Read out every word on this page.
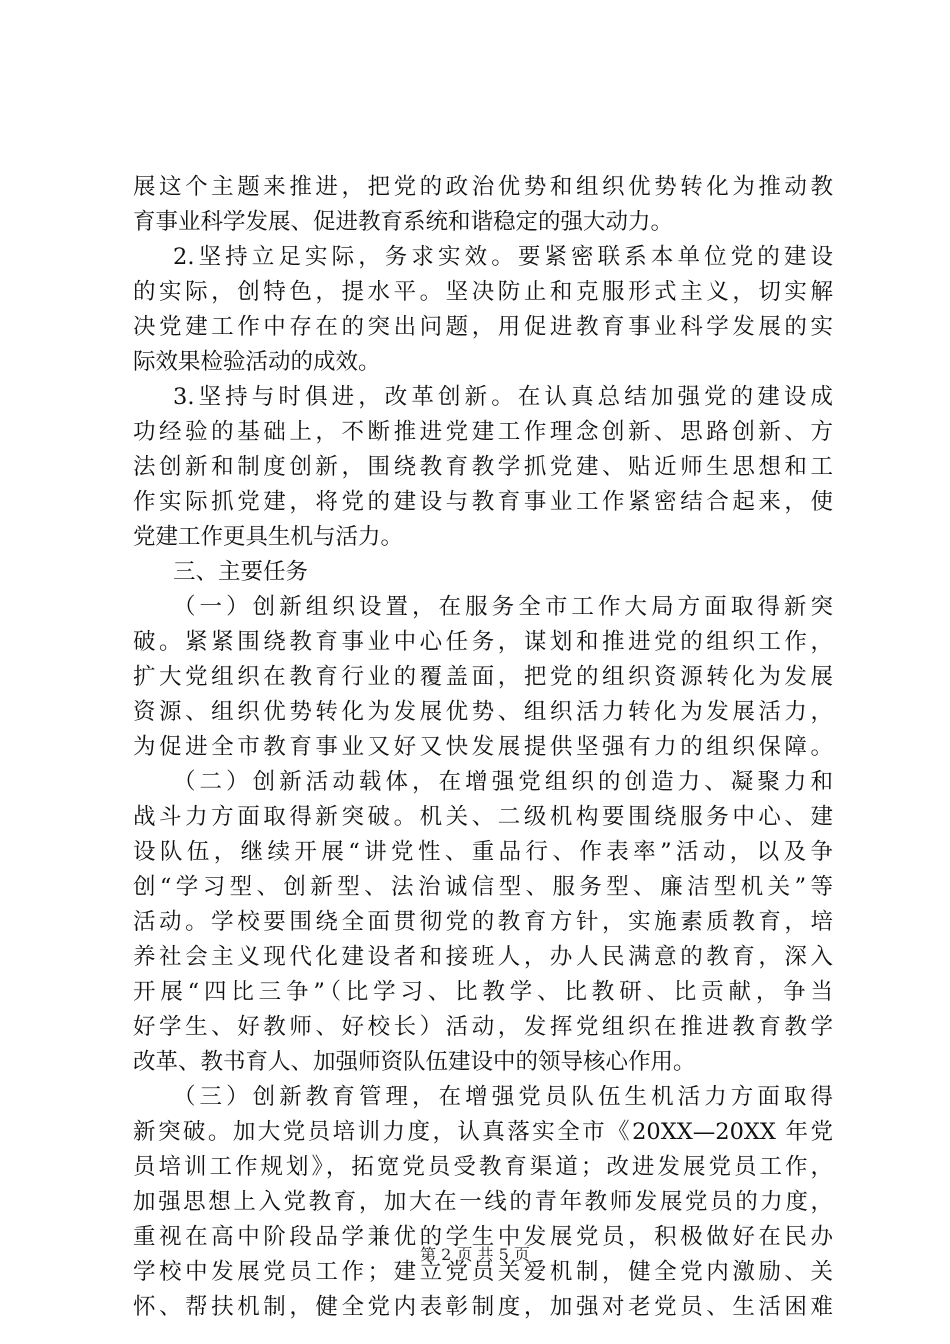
展这个主题来推进，把党的政治优势和组织优势转化为推动教
育事业科学发展、促进教育系统和谐稳定的强大动力。
2.坚持立足实际，务求实效。要紧密联系本单位党的建设
的实际，创特色，提水平。坚决防止和克服形式主义，切实解
决党建工作中存在的突出问题，用促进教育事业科学发展的实
际效果检验活动的成效。
3.坚持与时俱进，改革创新。在认真总结加强党的建设成
功经验的基础上，不断推进党建工作理念创新、思路创新、方
法创新和制度创新，围绕教育教学抓党建、贴近师生思想和工
作实际抓党建，将党的建设与教育事业工作紧密结合起来，使
党建工作更具生机与活力。
三、主要任务
（一）创新组织设置，在服务全市工作大局方面取得新突
破。紧紧围绕教育事业中心任务，谋划和推进党的组织工作，
扩大党组织在教育行业的覆盖面，把党的组织资源转化为发展
资源、组织优势转化为发展优势、组织活力转化为发展活力，
为促进全市教育事业又好又快发展提供坚强有力的组织保障。
（二）创新活动载体，在增强党组织的创造力、凝聚力和
战斗力方面取得新突破。机关、二级机构要围绕服务中心、建
设队伍，继续开展“讲党性、重品行、作表率”活动，以及争
创“学习型、创新型、法治诚信型、服务型、廉洁型机关”等
活动。学校要围绕全面贯彻党的教育方针，实施素质教育，培
养社会主义现代化建设者和接班人，办人民满意的教育，深入
开展“四比三争”（比学习、比教学、比教研、比贡献，争当
好学生、好教师、好校长）活动，发挥党组织在推进教育教学
改革、教书育人、加强师资队伍建设中的领导核心作用。
（三）创新教育管理，在增强党员队伍生机活力方面取得
新突破。加大党员培训力度，认真落实全市《20XX—20XX 年党
员培训工作规划》，拓宽党员受教育渠道；改进发展党员工作，
加强思想上入党教育，加大在一线的青年教师发展党员的力度，
重视在高中阶段品学兼优的学生中发展党员，积极做好在民办
学校中发展党员工作；建立党员关爱机制，健全党内激励、关
怀、帮扶机制，健全党内表彰制度，加强对老党员、生活困难
第 2 页 共 5 页
